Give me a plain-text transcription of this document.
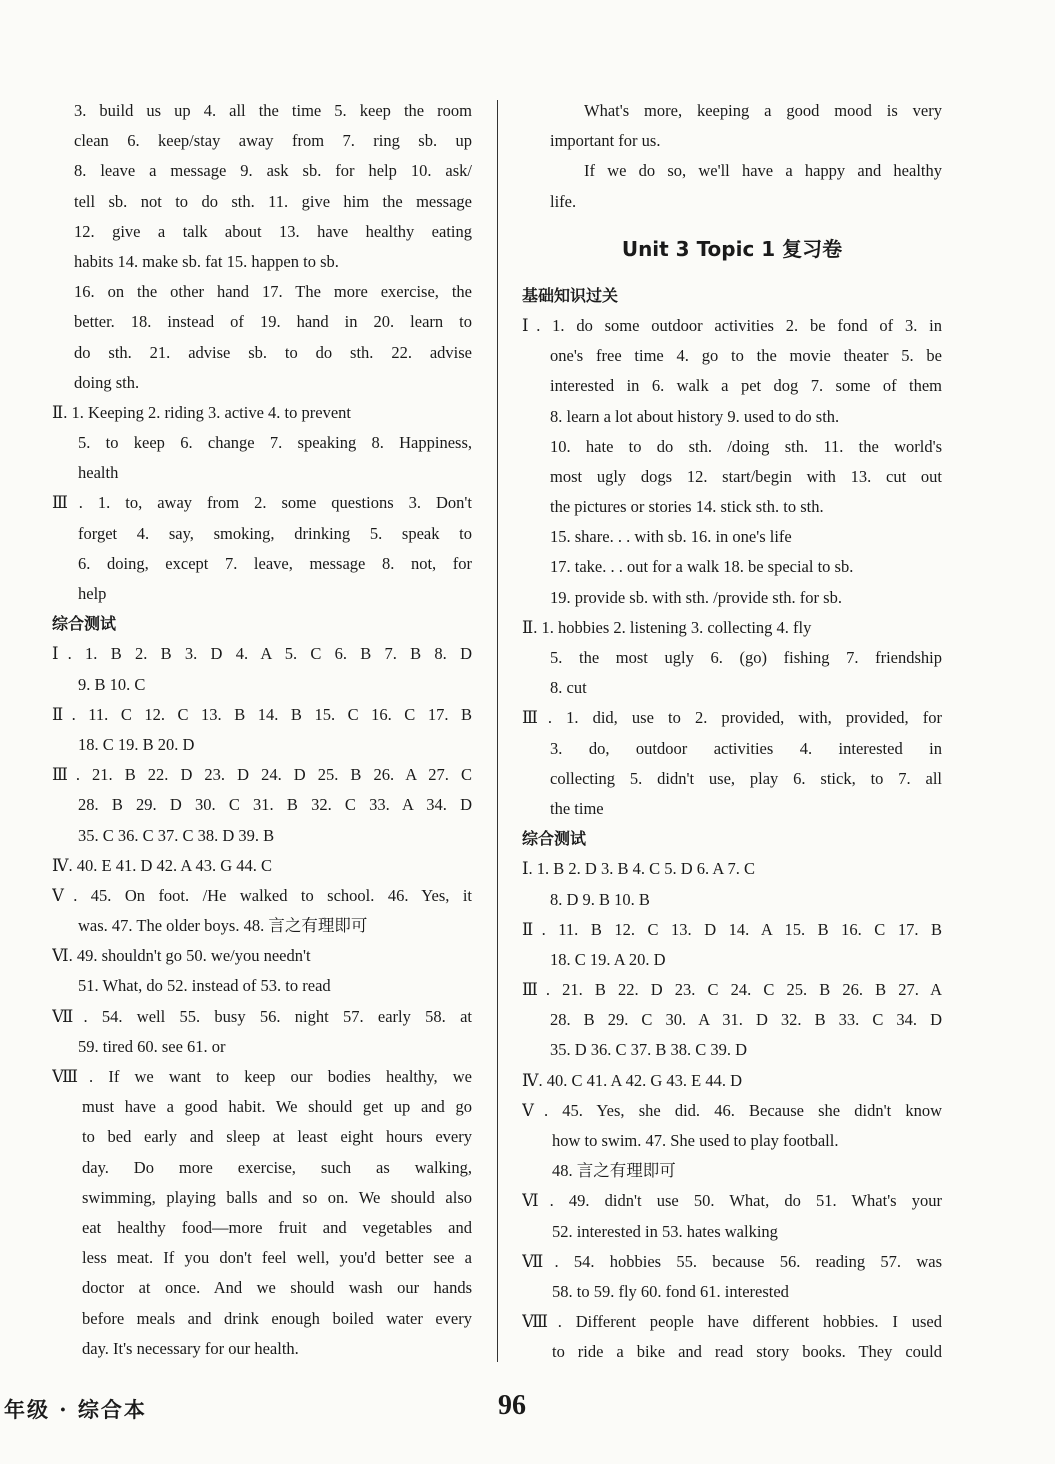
3. build us up 4. all the time 5. keep the room
clean 6. keep/stay away from 7. ring sb. up
8. leave a message 9. ask sb. for help 10. ask/
tell sb. not to do sth. 11. give him the message
12. give a talk about 13. have healthy eating
habits 14. make sb. fat 15. happen to sb.
16. on the other hand 17. The more exercise, the
better. 18. instead of 19. hand in 20. learn to
do sth. 21. advise sb. to do sth. 22. advise
doing sth.
Ⅱ. 1. Keeping 2. riding 3. active 4. to prevent
5. to keep 6. change 7. speaking 8. Happiness,
health
Ⅲ. 1. to, away from 2. some questions 3. Don't
forget 4. say, smoking, drinking 5. speak to
6. doing, except 7. leave, message 8. not, for
help
综合测试
Ⅰ. 1. B 2. B 3. D 4. A 5. C 6. B 7. B 8. D
9. B 10. C
Ⅱ. 11. C 12. C 13. B 14. B 15. C 16. C 17. B
18. C 19. B 20. D
Ⅲ. 21. B 22. D 23. D 24. D 25. B 26. A 27. C
28. B 29. D 30. C 31. B 32. C 33. A 34. D
35. C 36. C 37. C 38. D 39. B
Ⅳ. 40. E 41. D 42. A 43. G 44. C
Ⅴ. 45. On foot. /He walked to school. 46. Yes, it
was. 47. The older boys. 48. 言之有理即可
Ⅵ. 49. shouldn't go 50. we/you needn't
51. What, do 52. instead of 53. to read
Ⅶ. 54. well 55. busy 56. night 57. early 58. at
59. tired 60. see 61. or
Ⅷ. If we want to keep our bodies healthy, we
must have a good habit. We should get up and go
to bed early and sleep at least eight hours every
day. Do more exercise, such as walking,
swimming, playing balls and so on. We should also
eat healthy food—more fruit and vegetables and
less meat. If you don't feel well, you'd better see a
doctor at once. And we should wash our hands
before meals and drink enough boiled water every
day. It's necessary for our health.
What's more, keeping a good mood is very
important for us.
If we do so, we'll have a happy and healthy
life.
Unit 3 Topic 1 复习卷
基础知识过关
Ⅰ. 1. do some outdoor activities 2. be fond of 3. in
one's free time 4. go to the movie theater 5. be
interested in 6. walk a pet dog 7. some of them
8. learn a lot about history 9. used to do sth.
10. hate to do sth. /doing sth. 11. the world's
most ugly dogs 12. start/begin with 13. cut out
the pictures or stories 14. stick sth. to sth.
15. share. . . with sb. 16. in one's life
17. take. . . out for a walk 18. be special to sb.
19. provide sb. with sth. /provide sth. for sb.
Ⅱ. 1. hobbies 2. listening 3. collecting 4. fly
5. the most ugly 6. (go) fishing 7. friendship
8. cut
Ⅲ. 1. did, use to 2. provided, with, provided, for
3. do, outdoor activities 4. interested in
collecting 5. didn't use, play 6. stick, to 7. all
the time
综合测试
Ⅰ. 1. B 2. D 3. B 4. C 5. D 6. A 7. C
8. D 9. B 10. B
Ⅱ. 11. B 12. C 13. D 14. A 15. B 16. C 17. B
18. C 19. A 20. D
Ⅲ. 21. B 22. D 23. C 24. C 25. B 26. B 27. A
28. B 29. C 30. A 31. D 32. B 33. C 34. D
35. D 36. C 37. B 38. C 39. D
Ⅳ. 40. C 41. A 42. G 43. E 44. D
Ⅴ. 45. Yes, she did. 46. Because she didn't know
how to swim. 47. She used to play football.
48. 言之有理即可
Ⅵ. 49. didn't use 50. What, do 51. What's your
52. interested in 53. hates walking
Ⅶ. 54. hobbies 55. because 56. reading 57. was
58. to 59. fly 60. fond 61. interested
Ⅷ. Different people have different hobbies. I used
to ride a bike and read story books. They could
年级 · 综合本	96
